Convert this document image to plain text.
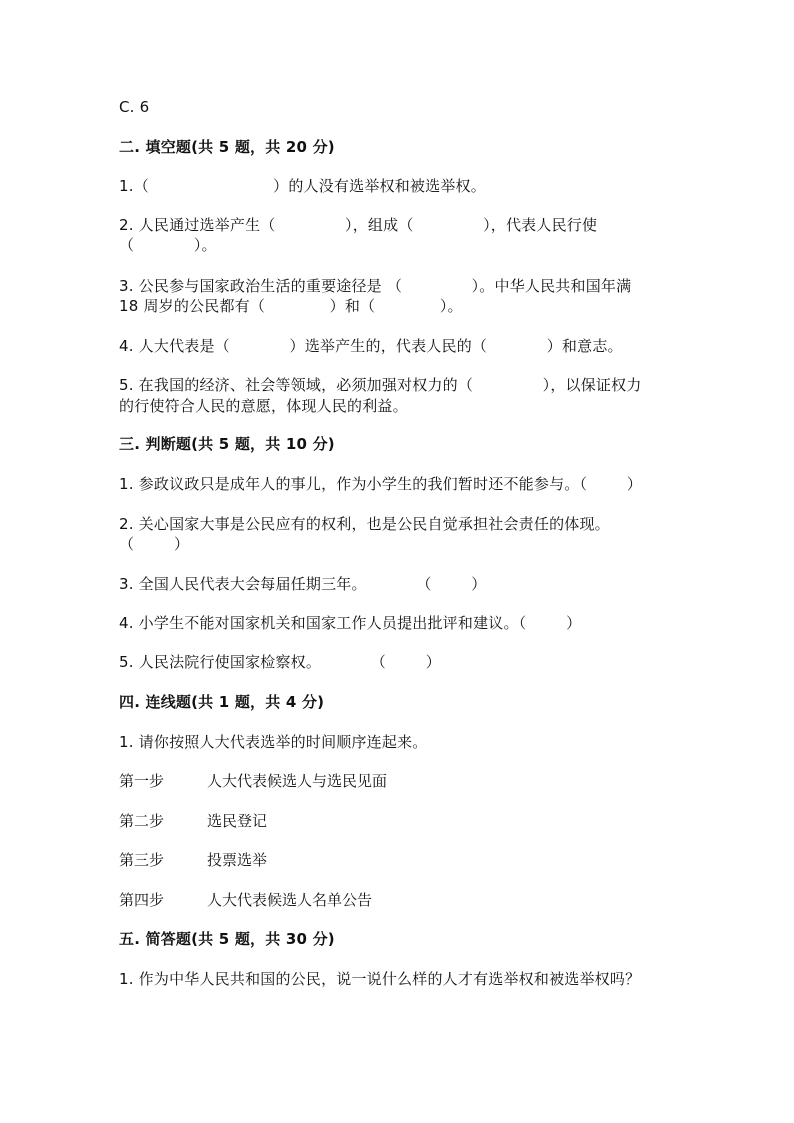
C. 6
二. 填空题(共 5 题，共 20 分)
1.（                         ）的人没有选举权和被选举权。
2. 人民通过选举产生（              ），组成（              ），代表人民行使
（            ）。
3. 公民参与国家政治生活的重要途径是 （              ）。中华人民共和国年满
18 周岁的公民都有（             ）和（             ）。
4. 人大代表是（            ）选举产生的，代表人民的（            ）和意志。
5. 在我国的经济、社会等领域，必须加强对权力的（              ），以保证权力
的行使符合人民的意愿，体现人民的利益。
三. 判断题(共 5 题，共 10 分)
1. 参政议政只是成年人的事儿，作为小学生的我们暂时还不能参与。（        ）
2. 关心国家大事是公民应有的权利，也是公民自觉承担社会责任的体现。
（        ）
3. 全国人民代表大会每届任期三年。          （        ）
4. 小学生不能对国家机关和国家工作人员提出批评和建议。（        ）
5. 人民法院行使国家检察权。          （        ）
四. 连线题(共 1 题，共 4 分)
1. 请你按照人大代表选举的时间顺序连起来。
第一步	人大代表候选人与选民见面
第二步	选民登记
第三步	投票选举
第四步	人大代表候选人名单公告
五. 简答题(共 5 题，共 30 分)
1. 作为中华人民共和国的公民，说一说什么样的人才有选举权和被选举权吗？
